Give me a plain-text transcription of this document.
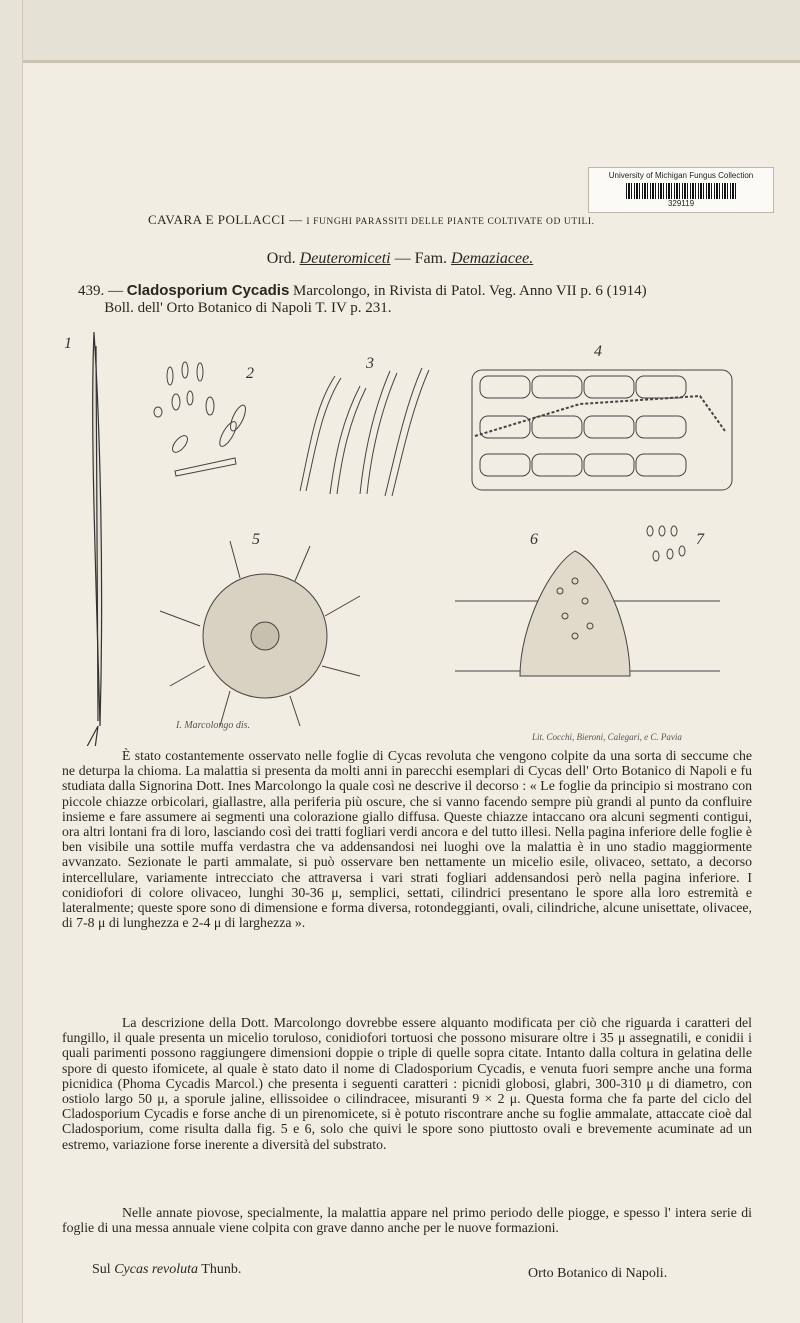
University of Michigan Fungus Collection
329119
CAVARA E POLLACCI — I FUNGHI PARASSITI DELLE PIANTE COLTIVATE OD UTILI.
Ord. Deuteromiceti — Fam. Demaziacee.
439. — Cladosporium Cycadis Marcolongo, in Rivista di Patol. Veg. Anno VII p. 6 (1914)
Boll. dell' Orto Botanico di Napoli T. IV p. 231.
1
2
3
4
5	6	7
I. Marcolongo dis.
Lit. Cocchi, Bieroni, Calegari, e C. Pavia

È stato costantemente osservato nelle foglie di Cycas revoluta che vengono colpite da una sorta di seccume che ne deturpa la chioma. La malattia si presenta da molti anni in parecchi esemplari di Cycas dell' Orto Botanico di Napoli e fu studiata dalla Signorina Dott. Ines Marcolongo la quale così ne descrive il decorso : « Le foglie da principio si mostrano con piccole chiazze orbicolari, giallastre, alla periferia più oscure, che si vanno facendo sempre più grandi al punto da confluire insieme e fare assumere ai segmenti una colorazione giallo diffusa. Queste chiazze intaccano ora alcuni segmenti contigui, ora altri lontani fra di loro, lasciando così dei tratti fogliari verdi ancora e del tutto illesi. Nella pagina inferiore delle foglie è ben visibile una sottile muffa verdastra che va addensandosi nei luoghi ove la malattia è in uno stadio maggiormente avvanzato. Sezionate le parti ammalate, si può osservare ben nettamente un micelio esile, olivaceo, settato, a decorso intercellulare, variamente intrecciato che attraversa i vari strati fogliari addensandosi però nella pagina inferiore. I conidiofori di colore olivaceo, lunghi 30-36 μ, semplici, settati, cilindrici presentano le spore alla loro estremità e lateralmente; queste spore sono di dimensione e forma diversa, rotondeggianti, ovali, cilindriche, alcune unisettate, olivacee, di 7-8 μ di lunghezza e 2-4 μ di larghezza ».

La descrizione della Dott. Marcolongo dovrebbe essere alquanto modificata per ciò che riguarda i caratteri del fungillo, il quale presenta un micelio toruloso, conidiofori tortuosi che possono misurare oltre i 35 μ assegnatili, e conidii i quali parimenti possono raggiungere dimensioni doppie o triple di quelle sopra citate. Intanto dalla coltura in gelatina delle spore di questo ifomicete, al quale è stato dato il nome di Cladosporium Cycadis, e venuta fuori sempre anche una forma picnidica (Phoma Cycadis Marcol.) che presenta i seguenti caratteri : picnidi globosi, glabri, 300-310 μ di diametro, con ostiolo largo 50 μ, a sporule jaline, ellissoidee o cilindracee, misuranti 9 × 2 μ. Questa forma che fa parte del ciclo del Cladosporium Cycadis e forse anche di un pirenomicete, si è potuto riscontrare anche su foglie ammalate, attaccate cioè dal Cladosporium, come risulta dalla fig. 5 e 6, solo che quivi le spore sono piuttosto ovali e brevemente acuminate ad un estremo, variazione forse inerente a diversità del substrato.

Nelle annate piovose, specialmente, la malattia appare nel primo periodo delle piogge, e spesso l' intera serie di foglie di una messa annuale viene colpita con grave danno anche per le nuove formazioni.

Sul Cycas revoluta Thunb.	Orto Botanico di Napoli.
